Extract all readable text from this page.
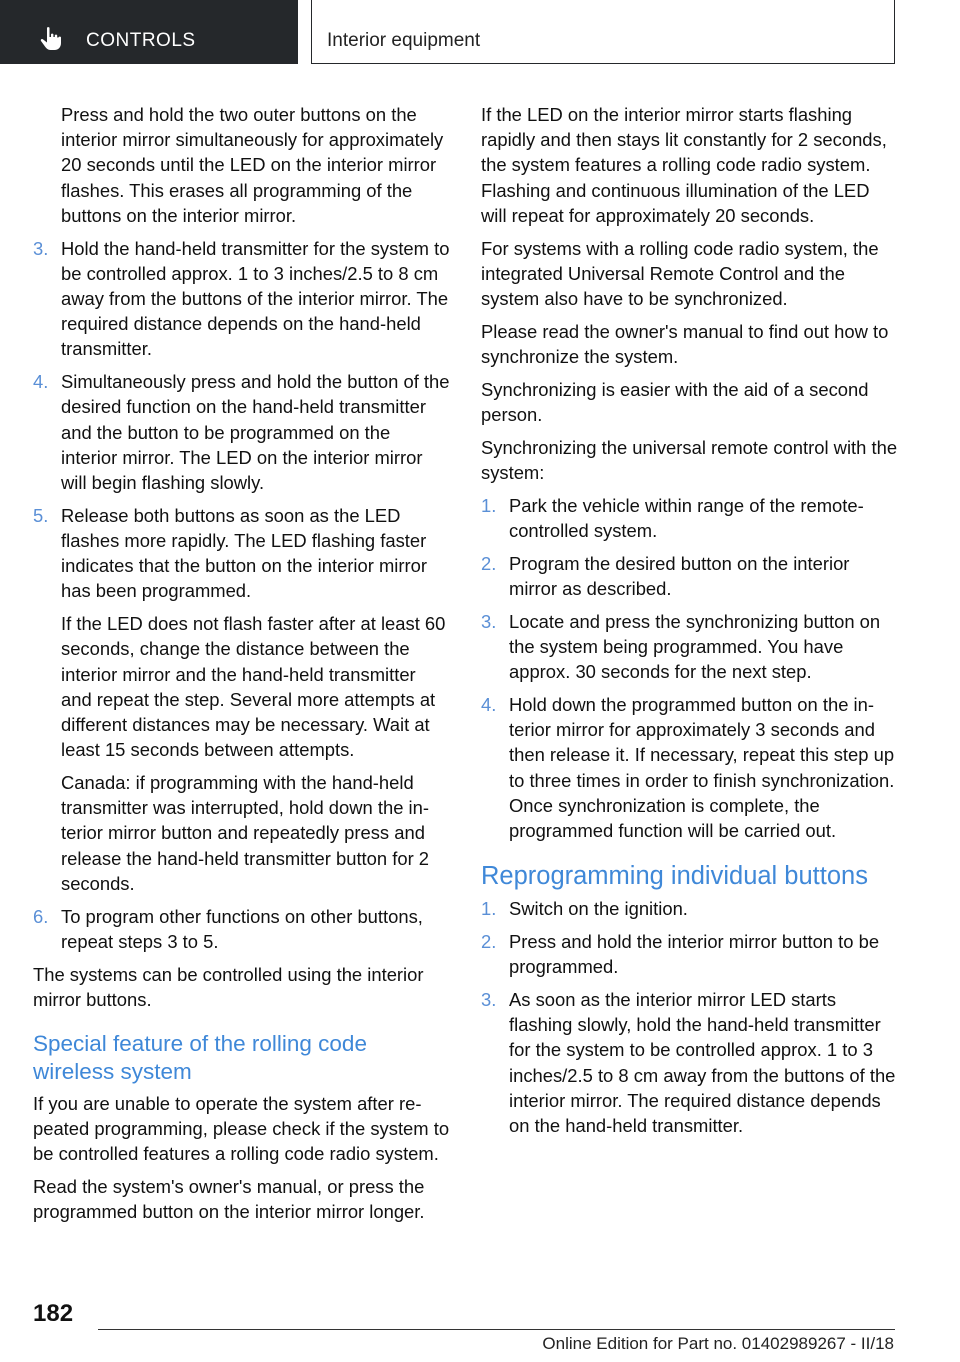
CONTROLS	Interior equipment

Press and hold the two outer buttons on the interior mirror simultaneously for approximately 20 seconds until the LED on the interior mirror flashes. This erases all programming of the buttons on the interior mirror.

3. Hold the hand-held transmitter for the system to be controlled approx. 1 to 3 inches/2.5 to 8 cm away from the buttons of the interior mirror. The required distance depends on the hand-held transmitter.

4. Simultaneously press and hold the button of the desired function on the hand-held transmitter and the button to be programmed on the interior mirror. The LED on the interior mirror will begin flashing slowly.

5. Release both buttons as soon as the LED flashes more rapidly. The LED flashing faster indicates that the button on the interior mirror has been programmed.

If the LED does not flash faster after at least 60 seconds, change the distance between the interior mirror and the hand-held transmitter and repeat the step. Several more attempts at different distances may be necessary. Wait at least 15 seconds between attempts.

Canada: if programming with the hand-held transmitter was interrupted, hold down the interior mirror button and repeatedly press and release the hand-held transmitter button for 2 seconds.

6. To program other functions on other buttons, repeat steps 3 to 5.

The systems can be controlled using the interior mirror buttons.

Special feature of the rolling code wireless system

If you are unable to operate the system after repeated programming, please check if the system to be controlled features a rolling code radio system.

Read the system's owner's manual, or press the programmed button on the interior mirror longer.

If the LED on the interior mirror starts flashing rapidly and then stays lit constantly for 2 seconds, the system features a rolling code radio system. Flashing and continuous illumination of the LED will repeat for approximately 20 seconds.

For systems with a rolling code radio system, the integrated Universal Remote Control and the system also have to be synchronized.

Please read the owner's manual to find out how to synchronize the system.

Synchronizing is easier with the aid of a second person.

Synchronizing the universal remote control with the system:

1. Park the vehicle within range of the remote-controlled system.

2. Program the desired button on the interior mirror as described.

3. Locate and press the synchronizing button on the system being programmed. You have approx. 30 seconds for the next step.

4. Hold down the programmed button on the interior mirror for approximately 3 seconds and then release it. If necessary, repeat this step up to three times in order to finish synchronization. Once synchronization is complete, the programmed function will be carried out.

Reprogramming individual buttons
1. Switch on the ignition.

2. Press and hold the interior mirror button to be programmed.

3. As soon as the interior mirror LED starts flashing slowly, hold the hand-held transmitter for the system to be controlled approx. 1 to 3 inches/2.5 to 8 cm away from the buttons of the interior mirror. The required distance depends on the hand-held transmitter.

182
Online Edition for Part no. 01402989267 - II/18
